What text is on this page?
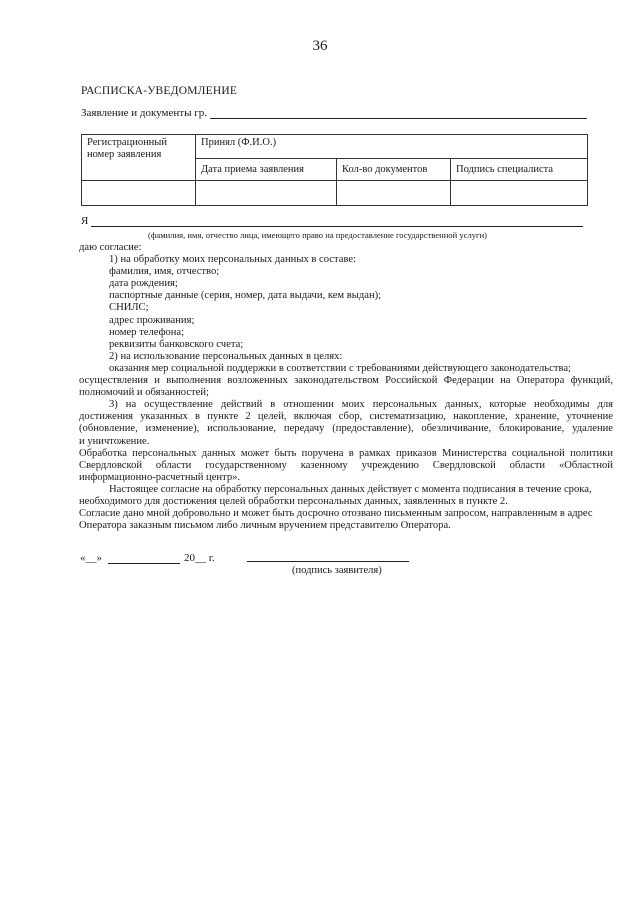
36
РАСПИСКА-УВЕДОМЛЕНИЕ
Заявление и документы гр.
Регистрационный номер заявления	Принял (Ф.И.О.)		
	Дата приема заявления	Кол-во документов	Подпись специалиста

Я
(фамилия, имя, отчество лица, имеющего право на предоставление государственной услуги)
даю согласие:
1) на обработку моих персональных данных в составе:
фамилия, имя, отчество;
дата рождения;
паспортные данные (серия, номер, дата выдачи, кем выдан);
СНИЛС;
адрес проживания;
номер телефона;
реквизиты банковского счета;
2) на использование персональных данных в целях:
оказания мер социальной поддержки в соответствии с требованиями действующего законодательства;
осуществления и выполнения возложенных законодательством Российской Федерации на Оператора функций,
полномочий и обязанностей;
3) на осуществление действий в отношении моих персональных данных, которые необходимы для
достижения указанных в пункте 2 целей, включая сбор, систематизацию, накопление, хранение, уточнение
(обновление, изменение), использование, передачу (предоставление), обезличивание, блокирование, удаление
и уничтожение.
Обработка персональных данных может быть поручена в рамках приказов Министерства социальной политики
Свердловской области государственному казенному учреждению Свердловской области «Областной
информационно-расчетный центр».
Настоящее согласие на обработку персональных данных действует с момента подписания в течение срока,
необходимого для достижения целей обработки персональных данных, заявленных в пункте 2.
Согласие дано мной добровольно и может быть досрочно отозвано письменным запросом, направленным в адрес
Оператора заказным письмом либо личным вручением представителю Оператора.
«__»	20__ г.
(подпись заявителя)
